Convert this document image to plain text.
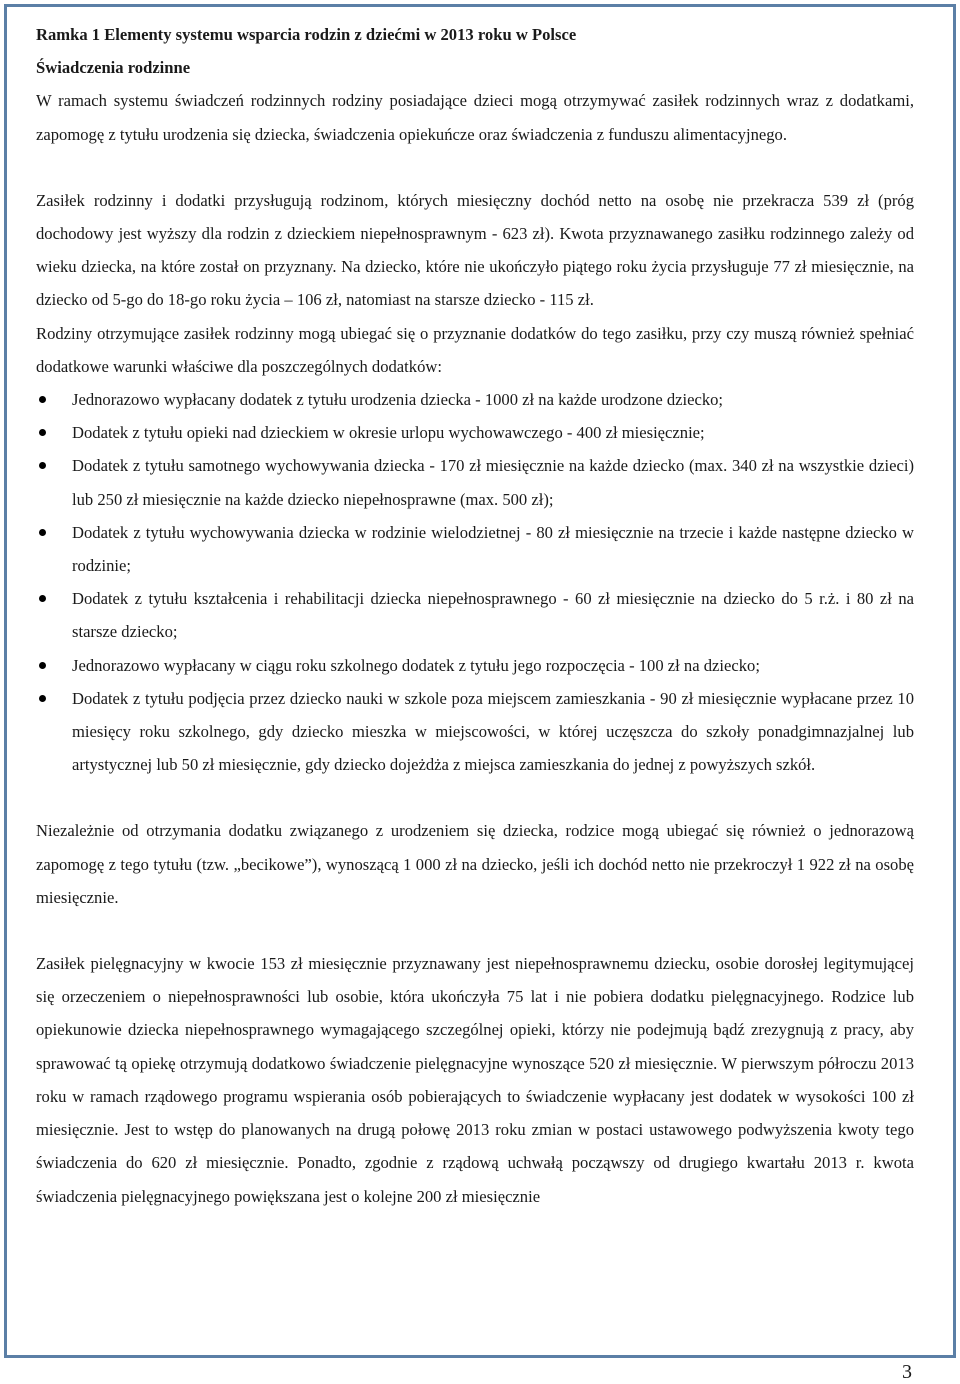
Ramka 1 Elementy systemu wsparcia rodzin z dziećmi w 2013 roku w Polsce
Świadczenia rodzinne

W ramach systemu świadczeń rodzinnych rodziny posiadające dzieci mogą otrzymywać zasiłek rodzinnych wraz z dodatkami, zapomogę z tytułu urodzenia się dziecka, świadczenia opiekuńcze oraz świadczenia z funduszu alimentacyjnego.

Zasiłek rodzinny i dodatki przysługują rodzinom, których miesięczny dochód netto na osobę nie przekracza 539 zł (próg dochodowy jest wyższy dla rodzin z dzieckiem niepełnosprawnym - 623 zł). Kwota przyznawanego zasiłku rodzinnego zależy od wieku dziecka, na które został on przyznany. Na dziecko, które nie ukończyło piątego roku życia przysługuje 77 zł miesięcznie, na dziecko od 5-go do 18-go roku życia – 106 zł, natomiast na starsze dziecko - 115 zł.

Rodziny otrzymujące zasiłek rodzinny mogą ubiegać się o przyznanie dodatków do tego zasiłku, przy czy muszą również spełniać dodatkowe warunki właściwe dla poszczególnych dodatków:

Jednorazowo wypłacany dodatek z tytułu urodzenia dziecka - 1000 zł na każde urodzone dziecko;
Dodatek z tytułu opieki nad dzieckiem w okresie urlopu wychowawczego - 400 zł miesięcznie;
Dodatek z tytułu samotnego wychowywania dziecka - 170 zł miesięcznie na każde dziecko (max. 340 zł na wszystkie dzieci) lub 250 zł miesięcznie na każde dziecko niepełnosprawne (max. 500 zł);
Dodatek z tytułu wychowywania dziecka w rodzinie wielodzietnej - 80 zł miesięcznie na trzecie i każde następne dziecko w rodzinie;
Dodatek z tytułu kształcenia i rehabilitacji dziecka niepełnosprawnego - 60 zł miesięcznie na dziecko do 5 r.ż. i 80 zł na starsze dziecko;
Jednorazowo wypłacany w ciągu roku szkolnego dodatek z tytułu jego rozpoczęcia - 100 zł na dziecko;
Dodatek z tytułu podjęcia przez dziecko nauki w szkole poza miejscem zamieszkania - 90 zł miesięcznie wypłacane przez 10 miesięcy roku szkolnego, gdy dziecko mieszka w miejscowości, w której uczęszcza do szkoły ponadgimnazjalnej lub artystycznej lub 50 zł miesięcznie, gdy dziecko dojeżdża z miejsca zamieszkania do jednej z powyższych szkół.

Niezależnie od otrzymania dodatku związanego z urodzeniem się dziecka, rodzice mogą ubiegać się również o jednorazową zapomogę z tego tytułu (tzw. „becikowe”), wynoszącą 1 000 zł na dziecko, jeśli ich dochód netto nie przekroczył 1 922 zł na osobę miesięcznie.

Zasiłek pielęgnacyjny w kwocie 153 zł miesięcznie przyznawany jest niepełnosprawnemu dziecku, osobie dorosłej legitymującej się orzeczeniem o niepełnosprawności lub osobie, która ukończyła 75 lat i nie pobiera dodatku pielęgnacyjnego. Rodzice lub opiekunowie dziecka niepełnosprawnego wymagającego szczególnej opieki, którzy nie podejmują bądź zrezygnują z pracy, aby sprawować tą opiekę otrzymują dodatkowo świadczenie pielęgnacyjne wynoszące 520 zł miesięcznie. W pierwszym półroczu 2013 roku w ramach rządowego programu wspierania osób pobierających to świadczenie wypłacany jest dodatek w wysokości 100 zł miesięcznie. Jest to wstęp do planowanych na drugą połowę 2013 roku zmian w postaci ustawowego podwyższenia kwoty tego świadczenia do 620 zł miesięcznie. Ponadto, zgodnie z rządową uchwałą począwszy od drugiego kwartału 2013 r. kwota świadczenia pielęgnacyjnego powiększana jest o kolejne 200 zł miesięcznie

3
